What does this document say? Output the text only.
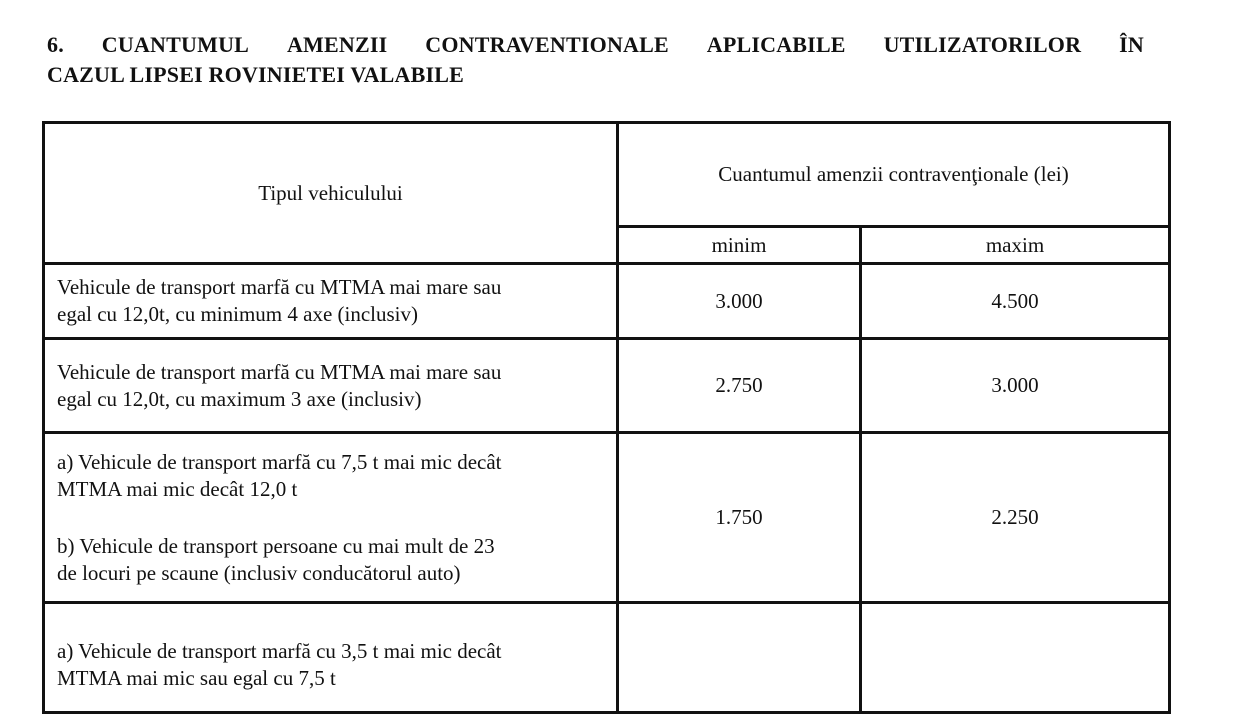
6. CUANTUMUL AMENZII CONTRAVENTIONALE APLICABILE UTILIZATORILOR ÎN
CAZUL LIPSEI ROVINIETEI VALABILE
Tipul vehiculului	Cuantumul amenzii contravenţionale (lei)	
	minim	maxim

Vehicule de transport marfă cu MTMA mai mare sau
egal cu 12,0t, cu minimum 4 axe (inclusiv)	3.000	4.500

Vehicule de transport marfă cu MTMA mai mare sau
egal cu 12,0t, cu maximum 3 axe (inclusiv)	2.750	3.000

a) Vehicule de transport marfă cu 7,5 t mai mic decât
MTMA mai mic decât 12,0 t
b) Vehicule de transport persoane cu mai mult de 23
de locuri pe scaune (inclusiv conducătorul auto)	1.750	2.250

a) Vehicule de transport marfă cu 3,5 t mai mic decât
MTMA mai mic sau egal cu 7,5 t		
